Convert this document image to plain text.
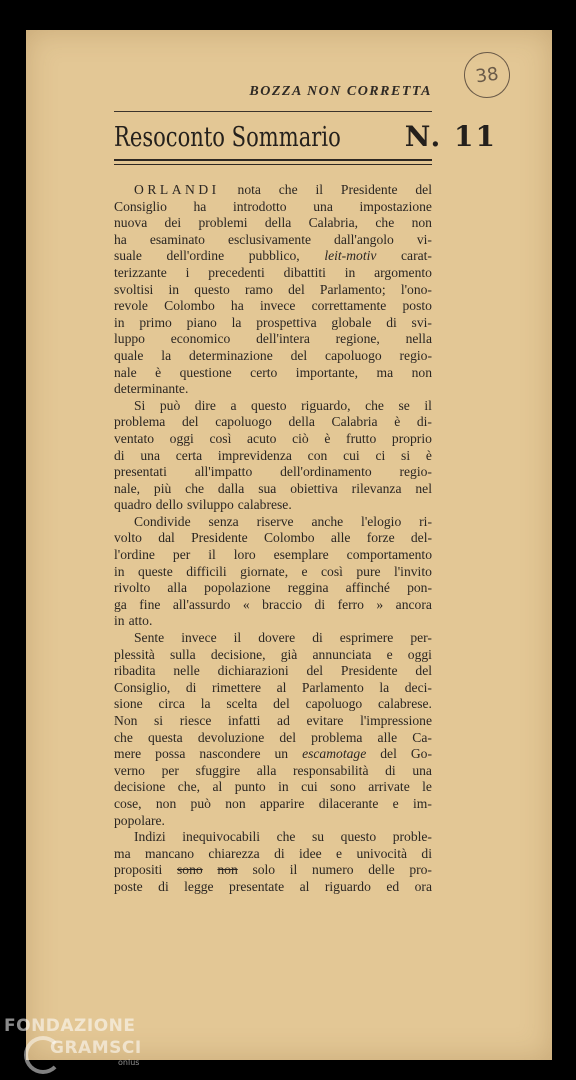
38
BOZZA NON CORRETTA
Resoconto Sommario N. 11
ORLANDI nota che il Presidente del
Consiglio ha introdotto una impostazione
nuova dei problemi della Calabria, che non
ha esaminato esclusivamente dall'angolo vi-
suale dell'ordine pubblico, leit-motiv carat-
terizzante i precedenti dibattiti in argomento
svoltisi in questo ramo del Parlamento; l'ono-
revole Colombo ha invece correttamente posto
in primo piano la prospettiva globale di svi-
luppo economico dell'intera regione, nella
quale la determinazione del capoluogo regio-
nale è questione certo importante, ma non
determinante.
Si può dire a questo riguardo, che se il
problema del capoluogo della Calabria è di-
ventato oggi così acuto ciò è frutto proprio
di una certa imprevidenza con cui ci si è
presentati all'impatto dell'ordinamento regio-
nale, più che dalla sua obiettiva rilevanza nel
quadro dello sviluppo calabrese.
Condivide senza riserve anche l'elogio ri-
volto dal Presidente Colombo alle forze del-
l'ordine per il loro esemplare comportamento
in queste difficili giornate, e così pure l'invito
rivolto alla popolazione reggina affinché pon-
ga fine all'assurdo « braccio di ferro » ancora
in atto.
Sente invece il dovere di esprimere per-
plessità sulla decisione, già annunciata e oggi
ribadita nelle dichiarazioni del Presidente del
Consiglio, di rimettere al Parlamento la deci-
sione circa la scelta del capoluogo calabrese.
Non si riesce infatti ad evitare l'impressione
che questa devoluzione del problema alle Ca-
mere possa nascondere un escamotage del Go-
verno per sfuggire alla responsabilità di una
decisione che, al punto in cui sono arrivate le
cose, non può non apparire dilacerante e im-
popolare.
Indizi inequivocabili che su questo proble-
ma mancano chiarezza di idee e univocità di
propositi sono non solo il numero delle pro-
poste di legge presentate al riguardo ed ora
FONDAZIONE
GRAMSCI
onlus
